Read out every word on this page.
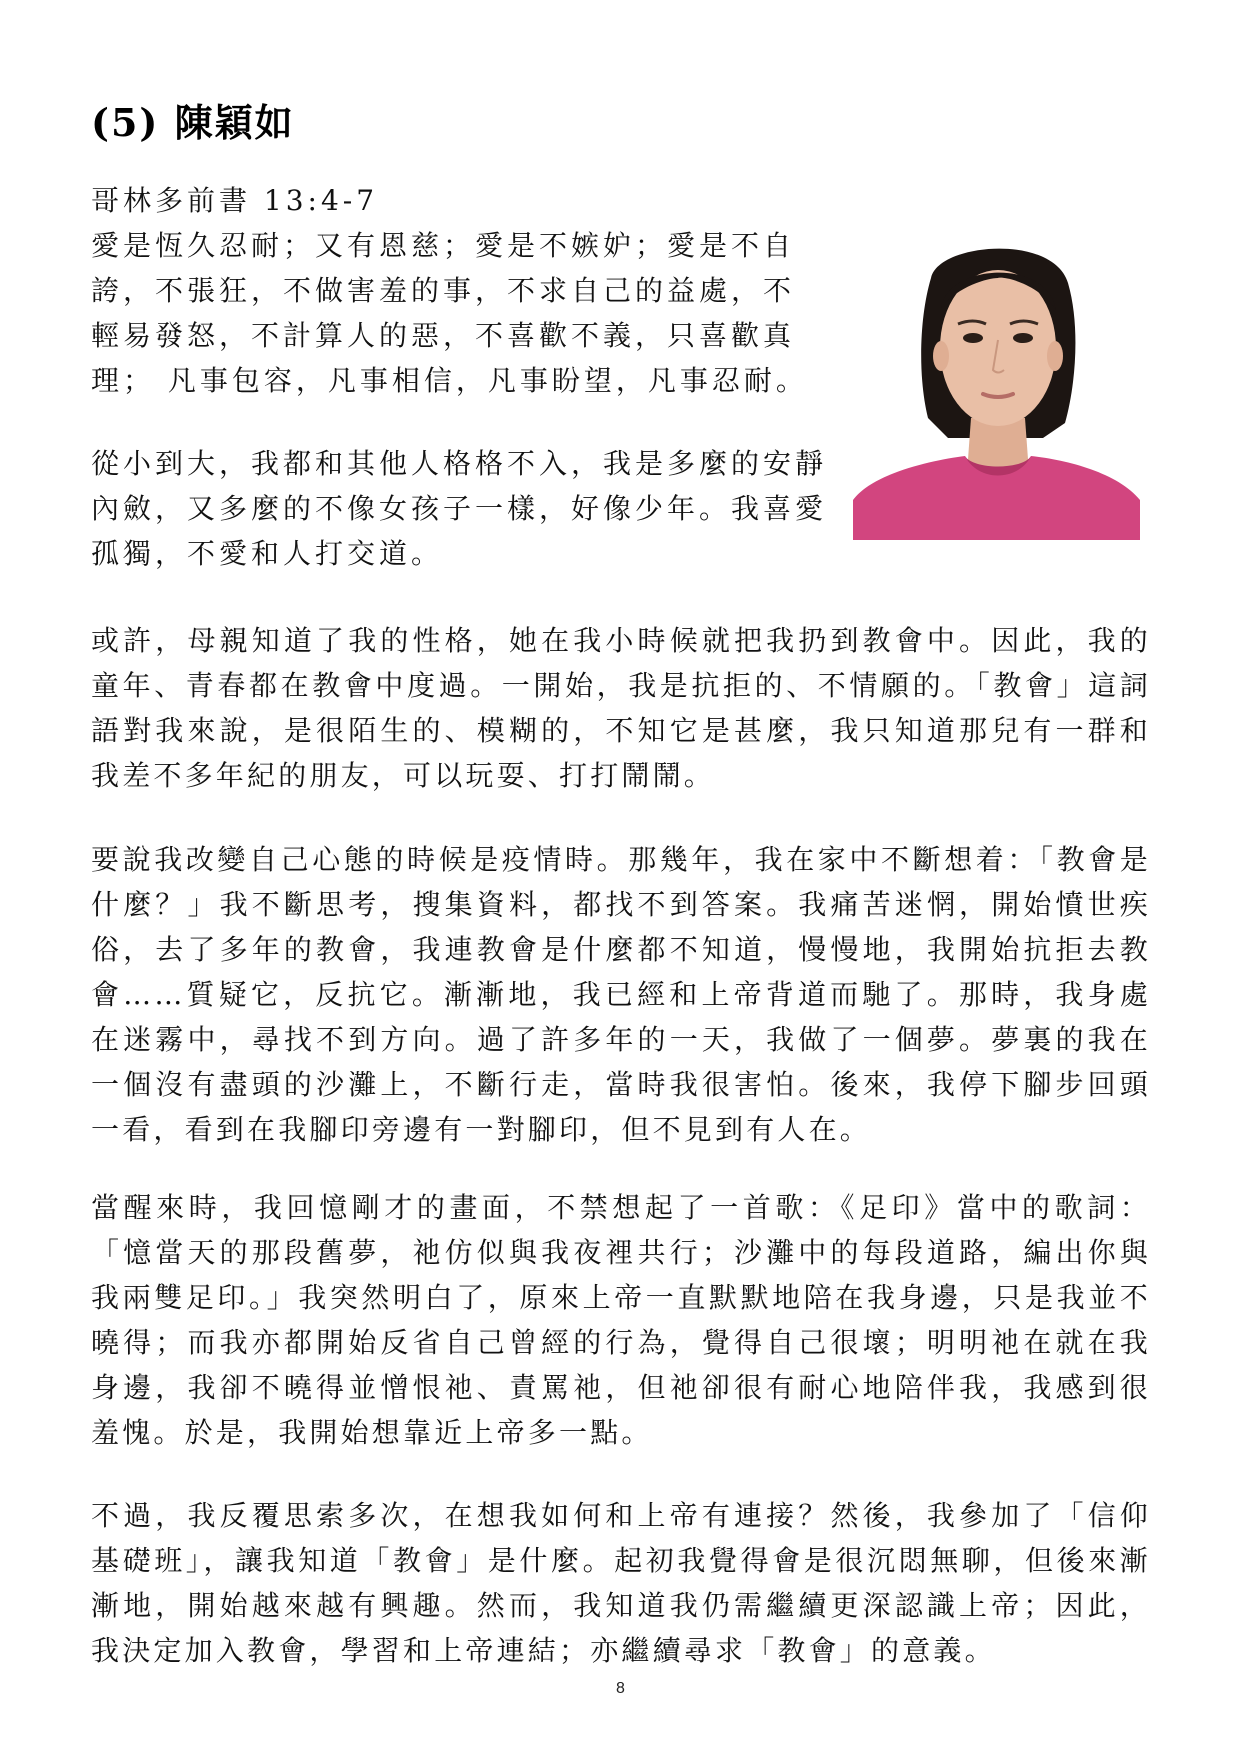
(5) 陳穎如

哥林多前書 13:4-7

愛是恆久忍耐；又有恩慈；愛是不嫉妒；愛是不自

誇，不張狂，不做害羞的事，不求自己的益處，不

輕易發怒，不計算人的惡，不喜歡不義，只喜歡真

理； 凡事包容，凡事相信，凡事盼望，凡事忍耐。

從小到大，我都和其他人格格不入，我是多麼的安靜內斂，又多麼的不像女孩子一樣，好像少年。我喜愛孤獨，不愛和人打交道。

或許，母親知道了我的性格，她在我小時候就把我扔到教會中。因此，我的童年、青春都在教會中度過。一開始，我是抗拒的、不情願的。「教會」這詞語對我來說，是很陌生的、模糊的，不知它是甚麼，我只知道那兒有一群和我差不多年紀的朋友，可以玩耍、打打鬧鬧。

要說我改變自己心態的時候是疫情時。那幾年，我在家中不斷想着：「教會是什麼？」我不斷思考，搜集資料，都找不到答案。我痛苦迷惘，開始憤世疾俗，去了多年的教會，我連教會是什麼都不知道，慢慢地，我開始抗拒去教會……質疑它，反抗它。漸漸地，我已經和上帝背道而馳了。那時，我身處在迷霧中，尋找不到方向。過了許多年的一天，我做了一個夢。夢裏的我在一個沒有盡頭的沙灘上，不斷行走，當時我很害怕。後來，我停下腳步回頭一看，看到在我腳印旁邊有一對腳印，但不見到有人在。

當醒來時，我回憶剛才的畫面，不禁想起了一首歌：《足印》當中的歌詞：「憶當天的那段舊夢，祂仿似與我夜裡共行；沙灘中的每段道路，編出你與我兩雙足印。」我突然明白了，原來上帝一直默默地陪在我身邊，只是我並不曉得；而我亦都開始反省自己曾經的行為，覺得自己很壞；明明祂在就在我身邊，我卻不曉得並憎恨祂、責罵祂，但祂卻很有耐心地陪伴我，我感到很羞愧。於是，我開始想靠近上帝多一點。

不過，我反覆思索多次，在想我如何和上帝有連接？然後，我參加了「信仰基礎班」，讓我知道「教會」是什麼。起初我覺得會是很沉悶無聊，但後來漸漸地，開始越來越有興趣。然而，我知道我仍需繼續更深認識上帝；因此，我決定加入教會，學習和上帝連結；亦繼續尋求「教會」的意義。

8
